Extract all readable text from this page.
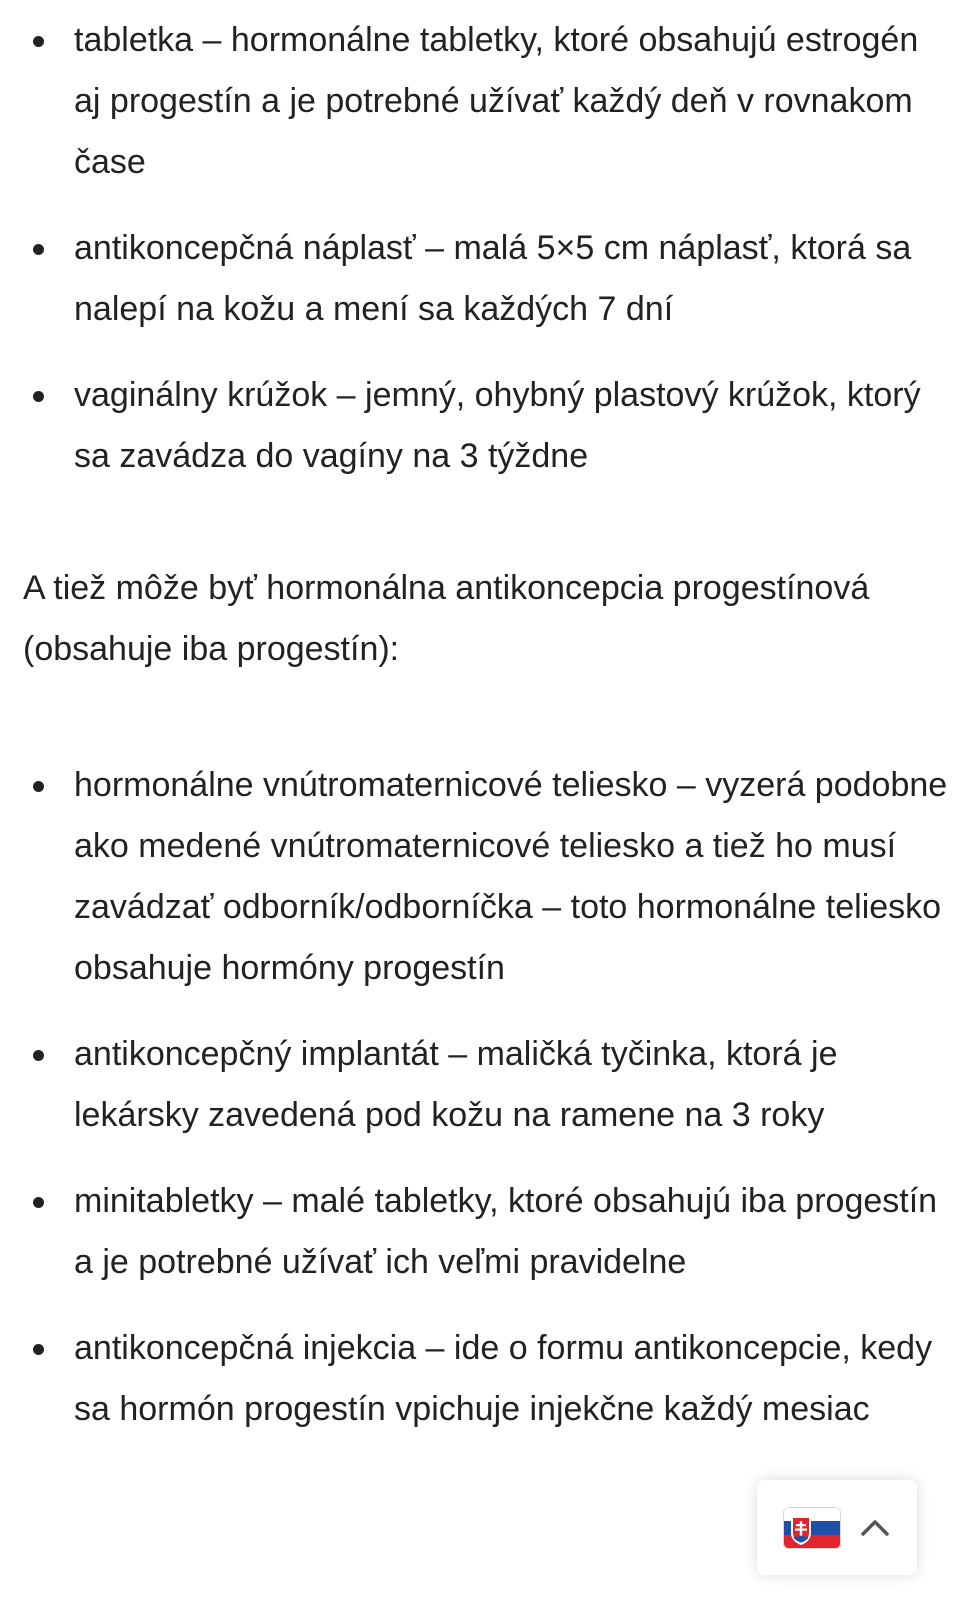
tabletka – hormonálne tabletky, ktoré obsahujú estrogén aj progestín a je potrebné užívať každý deň v rovnakom čase
antikoncepčná náplasť – malá 5×5 cm náplasť, ktorá sa nalepí na kožu a mení sa každých 7 dní
vaginálny krúžok – jemný, ohybný plastový krúžok, ktorý sa zavádza do vagíny na 3 týždne

A tiež môže byť hormonálna antikoncepcia progestínová (obsahuje iba progestín):

hormonálne vnútromaternicové teliesko – vyzerá podobne ako medené vnútromaternicové teliesko a tiež ho musí zavádzať odborník/odborníčka – toto hormonálne teliesko obsahuje hormóny progestín
antikoncepčný implantát – maličká tyčinka, ktorá je lekársky zavedená pod kožu na ramene na 3 roky
minitabletky – malé tabletky, ktoré obsahujú iba progestín a je potrebné užívať ich veľmi pravidelne
antikoncepčná injekcia – ide o formu antikoncepcie, kedy sa hormón progestín vpichuje injekčne každý mesiac
